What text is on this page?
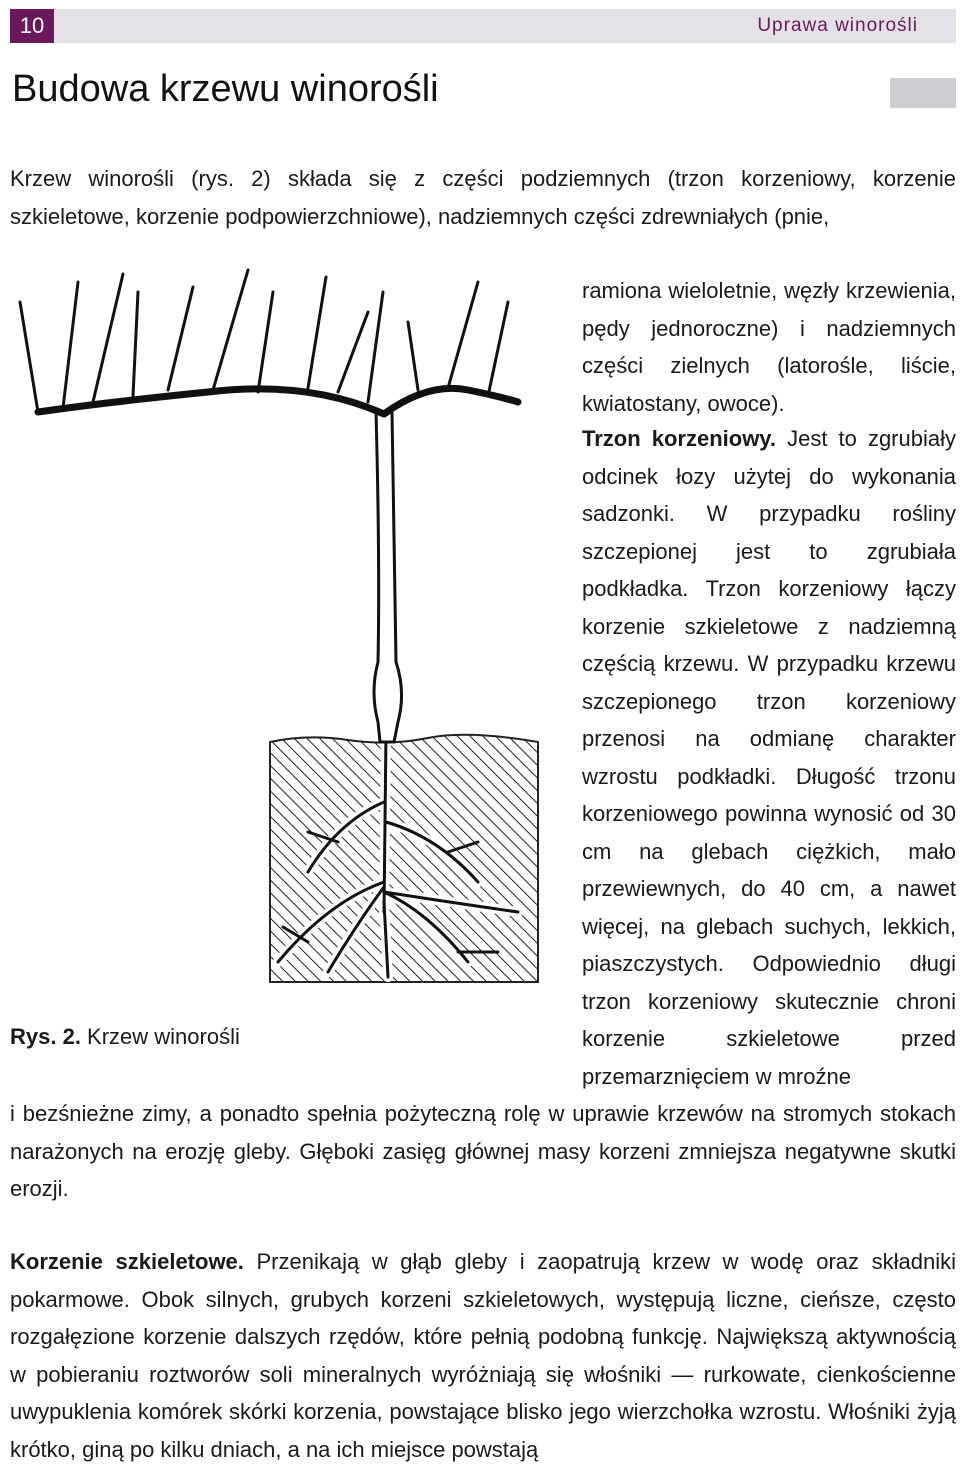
10	Uprawa winorośli
Budowa krzewu winorośli

Krzew winorośli (rys. 2) składa się z części podziemnych (trzon korzeniowy, korzenie szkieletowe, korzenie podpowierzchniowe), nadziemnych części zdrewniałych (pnie,

ramiona wieloletnie, węzły krzewienia, pędy jednoroczne) i nadziemnych części zielnych (latorośle, liście, kwiatostany, owoce).

Trzon korzeniowy. Jest to zgrubiały odcinek łozy użytej do wykonania sadzonki. W przypadku rośliny szczepionej jest to zgrubiała podkładka. Trzon korzeniowy łączy korzenie szkieletowe z nadziemną częścią krzewu. W przypadku krzewu szczepionego trzon korzeniowy przenosi na odmianę charakter wzrostu podkładki. Długość trzonu korzeniowego powinna wynosić od 30 cm na glebach ciężkich, mało przewiewnych, do 40 cm, a nawet więcej, na glebach suchych, lekkich, piaszczystych. Odpowiednio długi trzon korzeniowy skutecznie chroni korzenie szkieletowe przed przemarznięciem w mroźne

Rys. 2. Krzew winorośli

i bezśnieżne zimy, a ponadto spełnia pożyteczną rolę w uprawie krzewów na stromych stokach narażonych na erozję gleby. Głęboki zasięg głównej masy korzeni zmniejsza negatywne skutki erozji.

Korzenie szkieletowe. Przenikają w głąb gleby i zaopatrują krzew w wodę oraz składniki pokarmowe. Obok silnych, grubych korzeni szkieletowych, występują liczne, cieńsze, często rozgałęzione korzenie dalszych rzędów, które pełnią podobną funkcję. Największą aktywnością w pobieraniu roztworów soli mineralnych wyróżniają się włośniki — rurkowate, cienkościenne uwypuklenia komórek skórki korzenia, powstające blisko jego wierzchołka wzrostu. Włośniki żyją krótko, giną po kilku dniach, a na ich miejsce powstają
